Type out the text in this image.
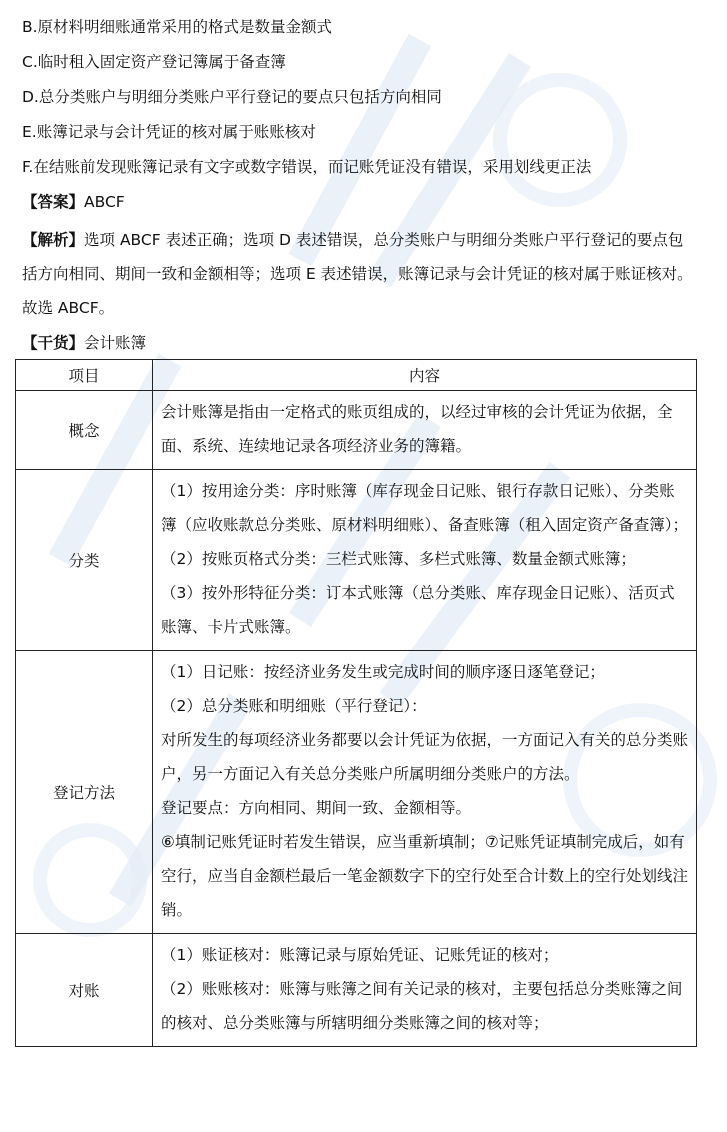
B.原材料明细账通常采用的格式是数量金额式
C.临时租入固定资产登记簿属于备查簿
D.总分类账户与明细分类账户平行登记的要点只包括方向相同
E.账簿记录与会计凭证的核对属于账账核对
F.在结账前发现账簿记录有文字或数字错误，而记账凭证没有错误，采用划线更正法
【答案】ABCF

【解析】选项 ABCF 表述正确；选项 D 表述错误，总分类账户与明细分类账户平行登记的要点包括方向相同、期间一致和金额相等；选项 E 表述错误，账簿记录与会计凭证的核对属于账证核对。故选 ABCF。

【干货】会计账簿
项目	内容
概念	会计账簿是指由一定格式的账页组成的，以经过审核的会计凭证为依据，全面、系统、连续地记录各项经济业务的簿籍。

分类	（1）按用途分类：序时账簿（库存现金日记账、银行存款日记账）、分类账簿（应收账款总分类账、原材料明细账）、备查账簿（租入固定资产备查簿）；
（2）按账页格式分类：三栏式账簿、多栏式账簿、数量金额式账簿；
（3）按外形特征分类：订本式账簿（总分类账、库存现金日记账）、活页式账簿、卡片式账簿。

登记方法	（1）日记账：按经济业务发生或完成时间的顺序逐日逐笔登记；
（2）总分类账和明细账（平行登记）：
对所发生的每项经济业务都要以会计凭证为依据，一方面记入有关的总分类账户，另一方面记入有关总分类账户所属明细分类账户的方法。
登记要点：方向相同、期间一致、金额相等。
⑥填制记账凭证时若发生错误，应当重新填制；⑦记账凭证填制完成后，如有空行，应当自金额栏最后一笔金额数字下的空行处至合计数上的空行处划线注销。

对账	（1）账证核对：账簿记录与原始凭证、记账凭证的核对；
（2）账账核对：账簿与账簿之间有关记录的核对，主要包括总分类账簿之间的核对、总分类账簿与所辖明细分类账簿之间的核对等；
